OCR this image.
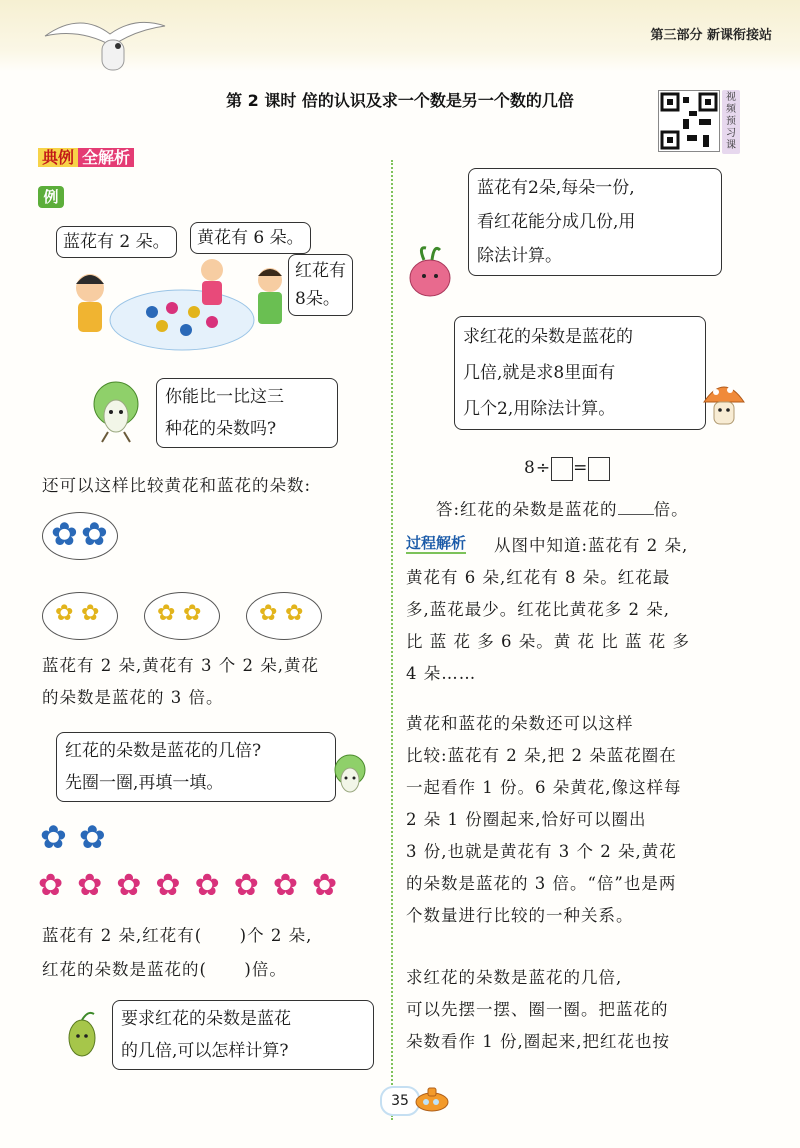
第三部分 新课衔接站
第 2 课时 倍的认识及求一个数是另一个数的几倍	视频预习课
典例 全解析
例
蓝花有 2 朵。	黄花有 6 朵。
红花有
8朵。
你能比一比这三
种花的朵数吗?
还可以这样比较黄花和蓝花的朵数:
✿ ✿
✿ ✿	✿ ✿	✿ ✿
蓝花有 2 朵,黄花有 3 个 2 朵,黄花
的朵数是蓝花的 3 倍。
红花的朵数是蓝花的几倍?
先圈一圈,再填一填。
✿ ✿
✿✿✿✿✿✿✿✿
蓝花有 2 朵,红花有(      )个 2 朵,
红花的朵数是蓝花的(      )倍。
要求红花的朵数是蓝花
的几倍,可以怎样计算?
蓝花有2朵,每朵一份,
看红花能分成几份,用
除法计算。
求红花的朵数是蓝花的
几倍,就是求8里面有
几个2,用除法计算。
8÷ =
答:红花的朵数是蓝花的 倍。
过程解析	从图中知道:蓝花有 2 朵,
黄花有 6 朵,红花有 8 朵。红花最
多,蓝花最少。红花比黄花多 2 朵,
比 蓝 花 多 6 朵。黄 花 比 蓝 花 多
4 朵……
黄花和蓝花的朵数还可以这样
比较:蓝花有 2 朵,把 2 朵蓝花圈在
一起看作 1 份。6 朵黄花,像这样每
2 朵 1 份圈起来,恰好可以圈出
3 份,也就是黄花有 3 个 2 朵,黄花
的朵数是蓝花的 3 倍。“倍”也是两
个数量进行比较的一种关系。
求红花的朵数是蓝花的几倍,
可以先摆一摆、圈一圈。把蓝花的
朵数看作 1 份,圈起来,把红花也按
35
